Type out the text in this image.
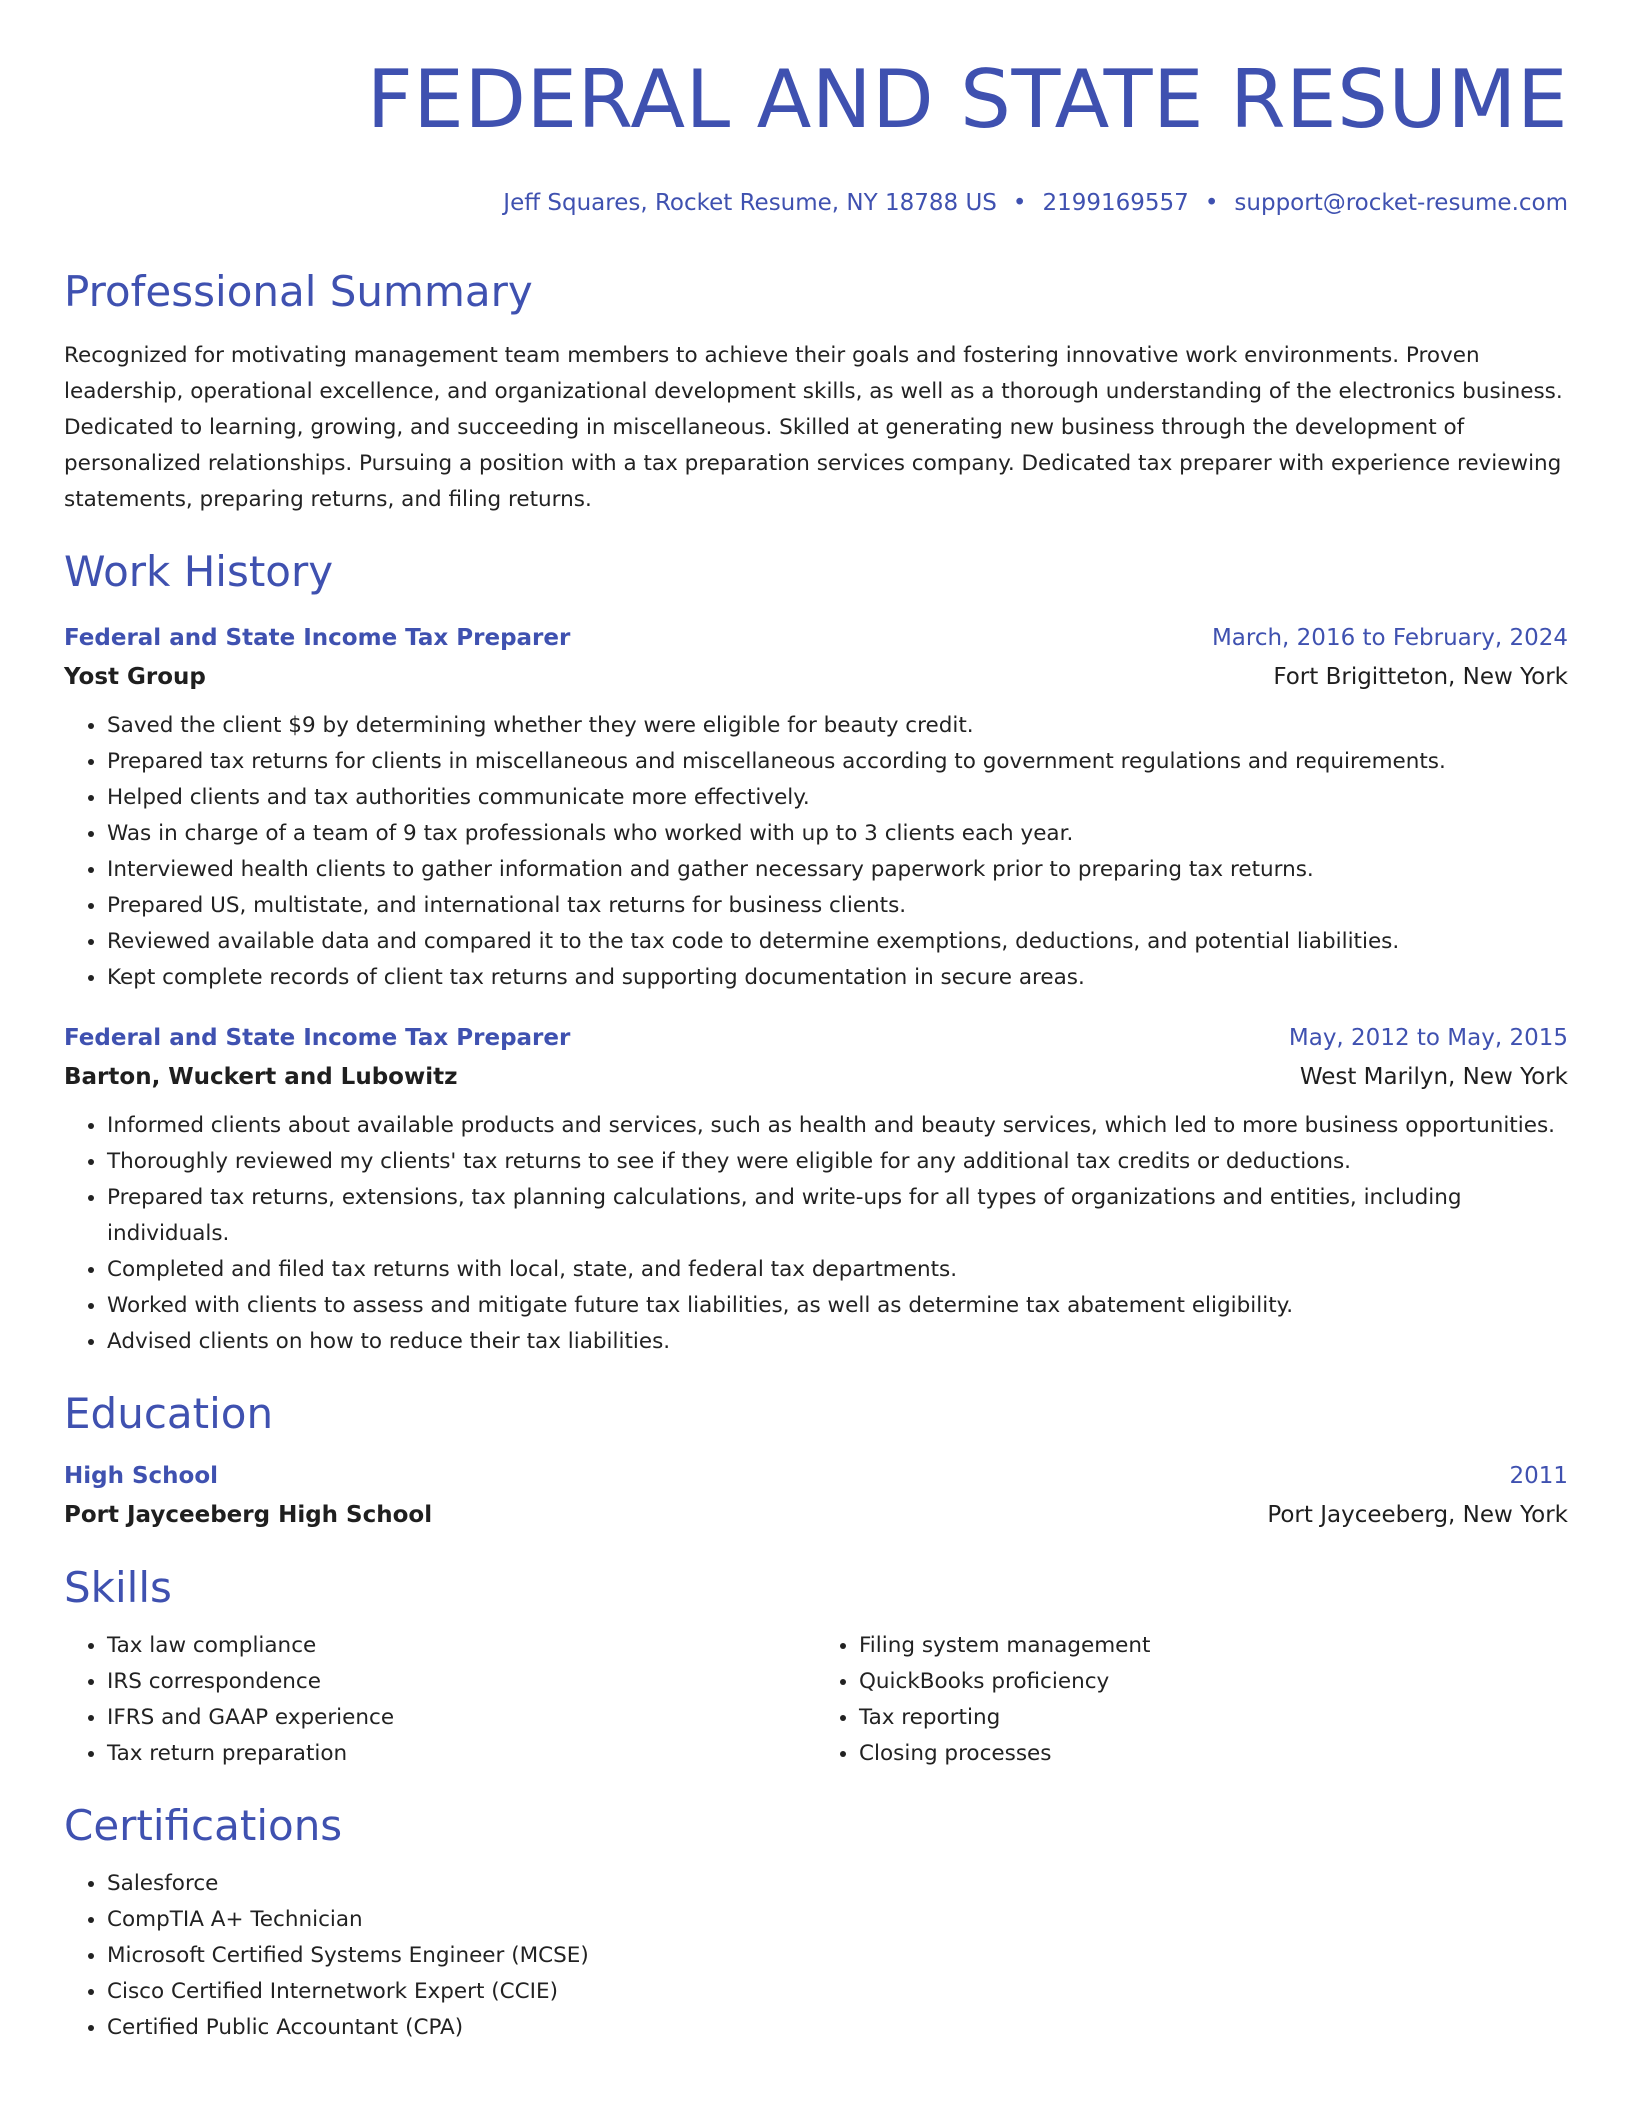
FEDERAL AND STATE RESUME
Jeff Squares, Rocket Resume, NY 18788 US • 2199169557 • support@rocket-resume.com
Professional Summary
Recognized for motivating management team members to achieve their goals and fostering innovative work environments. Proven leadership, operational excellence, and organizational development skills, as well as a thorough understanding of the electronics business. Dedicated to learning, growing, and succeeding in miscellaneous. Skilled at generating new business through the development of personalized relationships. Pursuing a position with a tax preparation services company. Dedicated tax preparer with experience reviewing statements, preparing returns, and filing returns.
Work History
Federal and State Income Tax Preparer	March, 2016 to February, 2024
Yost Group	Fort Brigitteton, New York
• Saved the client $9 by determining whether they were eligible for beauty credit.
• Prepared tax returns for clients in miscellaneous and miscellaneous according to government regulations and requirements.
• Helped clients and tax authorities communicate more effectively.
• Was in charge of a team of 9 tax professionals who worked with up to 3 clients each year.
• Interviewed health clients to gather information and gather necessary paperwork prior to preparing tax returns.
• Prepared US, multistate, and international tax returns for business clients.
• Reviewed available data and compared it to the tax code to determine exemptions, deductions, and potential liabilities.
• Kept complete records of client tax returns and supporting documentation in secure areas.
Federal and State Income Tax Preparer	May, 2012 to May, 2015
Barton, Wuckert and Lubowitz	West Marilyn, New York
• Informed clients about available products and services, such as health and beauty services, which led to more business opportunities.
• Thoroughly reviewed my clients' tax returns to see if they were eligible for any additional tax credits or deductions.
• Prepared tax returns, extensions, tax planning calculations, and write-ups for all types of organizations and entities, including individuals.
• Completed and filed tax returns with local, state, and federal tax departments.
• Worked with clients to assess and mitigate future tax liabilities, as well as determine tax abatement eligibility.
• Advised clients on how to reduce their tax liabilities.
Education
High School	2011
Port Jayceeberg High School	Port Jayceeberg, New York
Skills
• Tax law compliance
• IRS correspondence
• IFRS and GAAP experience
• Tax return preparation
• Filing system management
• QuickBooks proficiency
• Tax reporting
• Closing processes
Certifications
• Salesforce
• CompTIA A+ Technician
• Microsoft Certified Systems Engineer (MCSE)
• Cisco Certified Internetwork Expert (CCIE)
• Certified Public Accountant (CPA)
